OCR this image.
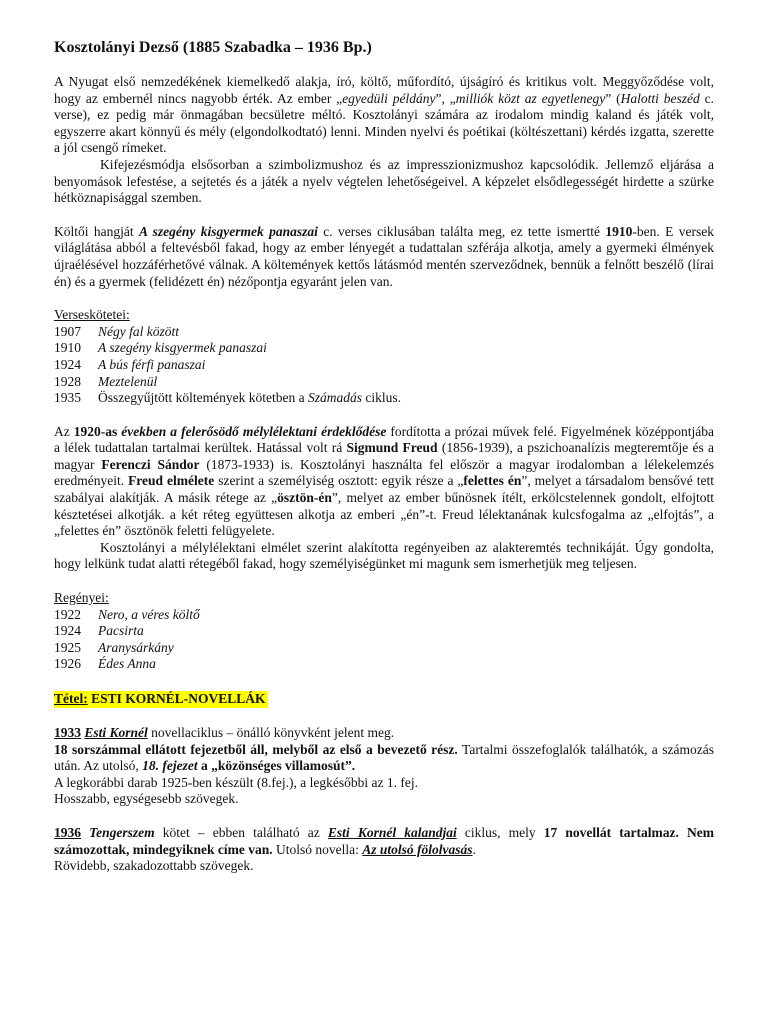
Kosztolányi Dezső (1885 Szabadka – 1936 Bp.)

A Nyugat első nemzedékének kiemelkedő alakja, író, költő, műfordító, újságíró és kritikus volt. Meggyőződése volt, hogy az embernél nincs nagyobb érték. Az ember „egyedüli példány”, „milliók közt az egyetlenegy” (Halotti beszéd c. verse), ez pedig már önmagában becsületre méltó. Kosztolányi számára az irodalom mindig kaland és játék volt, egyszerre akart könnyű és mély (elgondolkodtató) lenni. Minden nyelvi és poétikai (költészettani) kérdés izgatta, szerette a jól csengő rímeket.

Kifejezésmódja elsősorban a szimbolizmushoz és az impresszionizmushoz kapcsolódik. Jellemző eljárása a benyomások lefestése, a sejtetés és a játék a nyelv végtelen lehetőségeivel. A képzelet elsődlegességét hirdette a szürke hétköznapisággal szemben.

Költői hangját A szegény kisgyermek panaszai c. verses ciklusában találta meg, ez tette ismertté 1910-ben. E versek világlátása abból a feltevésből fakad, hogy az ember lényegét a tudattalan szférája alkotja, amely a gyermeki élmények újraélésével hozzáférhetővé válnak. A költemények kettős látásmód mentén szerveződnek, bennük a felnőtt beszélő (lírai én) és a gyermek (felidézett én) nézőpontja egyaránt jelen van.

Verseskötetei:
1907	Négy fal között
1910	A szegény kisgyermek panaszai
1924	A bús férfi panaszai
1928	Meztelenül
1935	Összegyűjtött költemények kötetben a Számadás ciklus.

Az 1920-as években a felerősödő mélylélektani érdeklődése fordította a prózai művek felé. Figyelmének középpontjába a lélek tudattalan tartalmai kerültek. Hatással volt rá Sigmund Freud (1856-1939), a pszichoanalízis megteremtője és a magyar Ferenczi Sándor (1873-1933) is. Kosztolányi használta fel először a magyar irodalomban a lélekelemzés eredményeit. Freud elmélete szerint a személyiség osztott: egyik része a „felettes én”, melyet a társadalom bensővé tett szabályai alakítják. A másik rétege az „ösztön-én”, melyet az ember bűnösnek ítélt, erkölcstelennek gondolt, elfojtott késztetései alkotják. a két réteg együttesen alkotja az emberi „én”-t. Freud lélektanának kulcsfogalma az „elfojtás”, a „felettes én” ösztönök feletti felügyelete.

Kosztolányi a mélylélektani elmélet szerint alakította regényeiben az alakteremtés technikáját. Úgy gondolta, hogy lelkünk tudat alatti rétegéből fakad, hogy személyiségünket mi magunk sem ismerhetjük meg teljesen.

Regényei:
1922	Nero, a véres költő
1924	Pacsirta
1925	Aranysárkány
1926	Édes Anna
Tétel: ESTI KORNÉL-NOVELLÁK

1933 Esti Kornél novellaciklus – önálló könyvként jelent meg.
18 sorszámmal ellátott fejezetből áll, melyből az első a bevezető rész. Tartalmi összefoglalók találhatók, a számozás után. Az utolsó, 18. fejezet a „közönséges villamosút”.
A legkorábbi darab 1925-ben készült (8.fej.), a legkésőbbi az 1. fej.
Hosszabb, egységesebb szövegek.

1936 Tengerszem kötet – ebben található az Esti Kornél kalandjai ciklus, mely 17 novellát tartalmaz. Nem számozottak, mindegyiknek címe van. Utolsó novella: Az utolsó fölolvasás.
Rövidebb, szakadozottabb szövegek.
